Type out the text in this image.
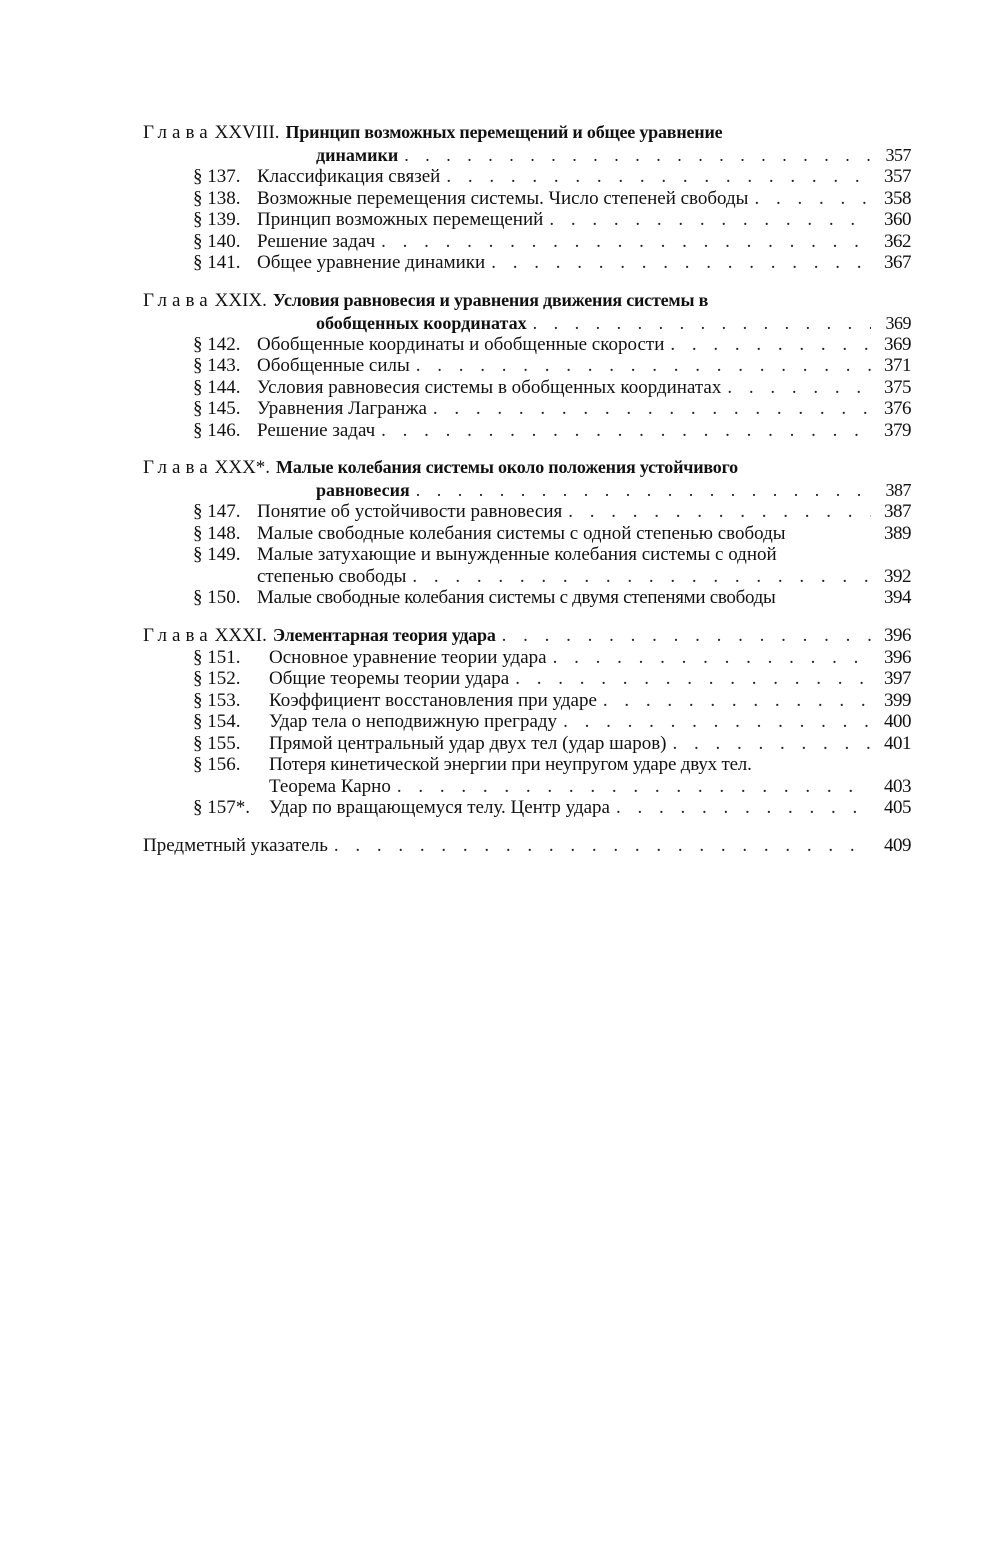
Глава XXVIII. Принцип возможных перемещений и общее уравнение
динамики . . .	357
§ 137. Классификация связей . . .	357
§ 138. Возможные перемещения системы. Число степеней свободы . . .	358
§ 139. Принцип возможных перемещений . . .	360
§ 140. Решение задач . . .	362
§ 141. Общее уравнение динамики . . .	367
Глава XXIX. Условия равновесия и уравнения движения системы в
обобщенных координатах . . .	369
§ 142. Обобщенные координаты и обобщенные скорости . . .	369
§ 143. Обобщенные силы . . .	371
§ 144. Условия равновесия системы в обобщенных координатах . . .	375
§ 145. Уравнения Лагранжа . . .	376
§ 146. Решение задач . . .	379
Глава XXX*. Малые колебания системы около положения устойчивого
равновесия . . .	387
§ 147. Понятие об устойчивости равновесия . . .	387
§ 148. Малые свободные колебания системы с одной степенью свободы	389
§ 149. Малые затухающие и вынужденные колебания системы с одной
степенью свободы . . .	392
§ 150. Малые свободные колебания системы с двумя степенями свободы	394
Глава XXXI. Элементарная теория удара . . .	396
§ 151.	Основное уравнение теории удара . . .	396
§ 152.	Общие теоремы теории удара . . .	397
§ 153.	Коэффициент восстановления при ударе . . .	399
§ 154.	Удар тела о неподвижную преграду . . .	400
§ 155.	Прямой центральный удар двух тел (удар шаров) . . .	401
§ 156.	Потеря кинетической энергии при неупругом ударе двух тел.
Теорема Карно . . .	403
§ 157*.	Удар по вращающемуся телу. Центр удара . . .	405
Предметный указатель . . .	409
